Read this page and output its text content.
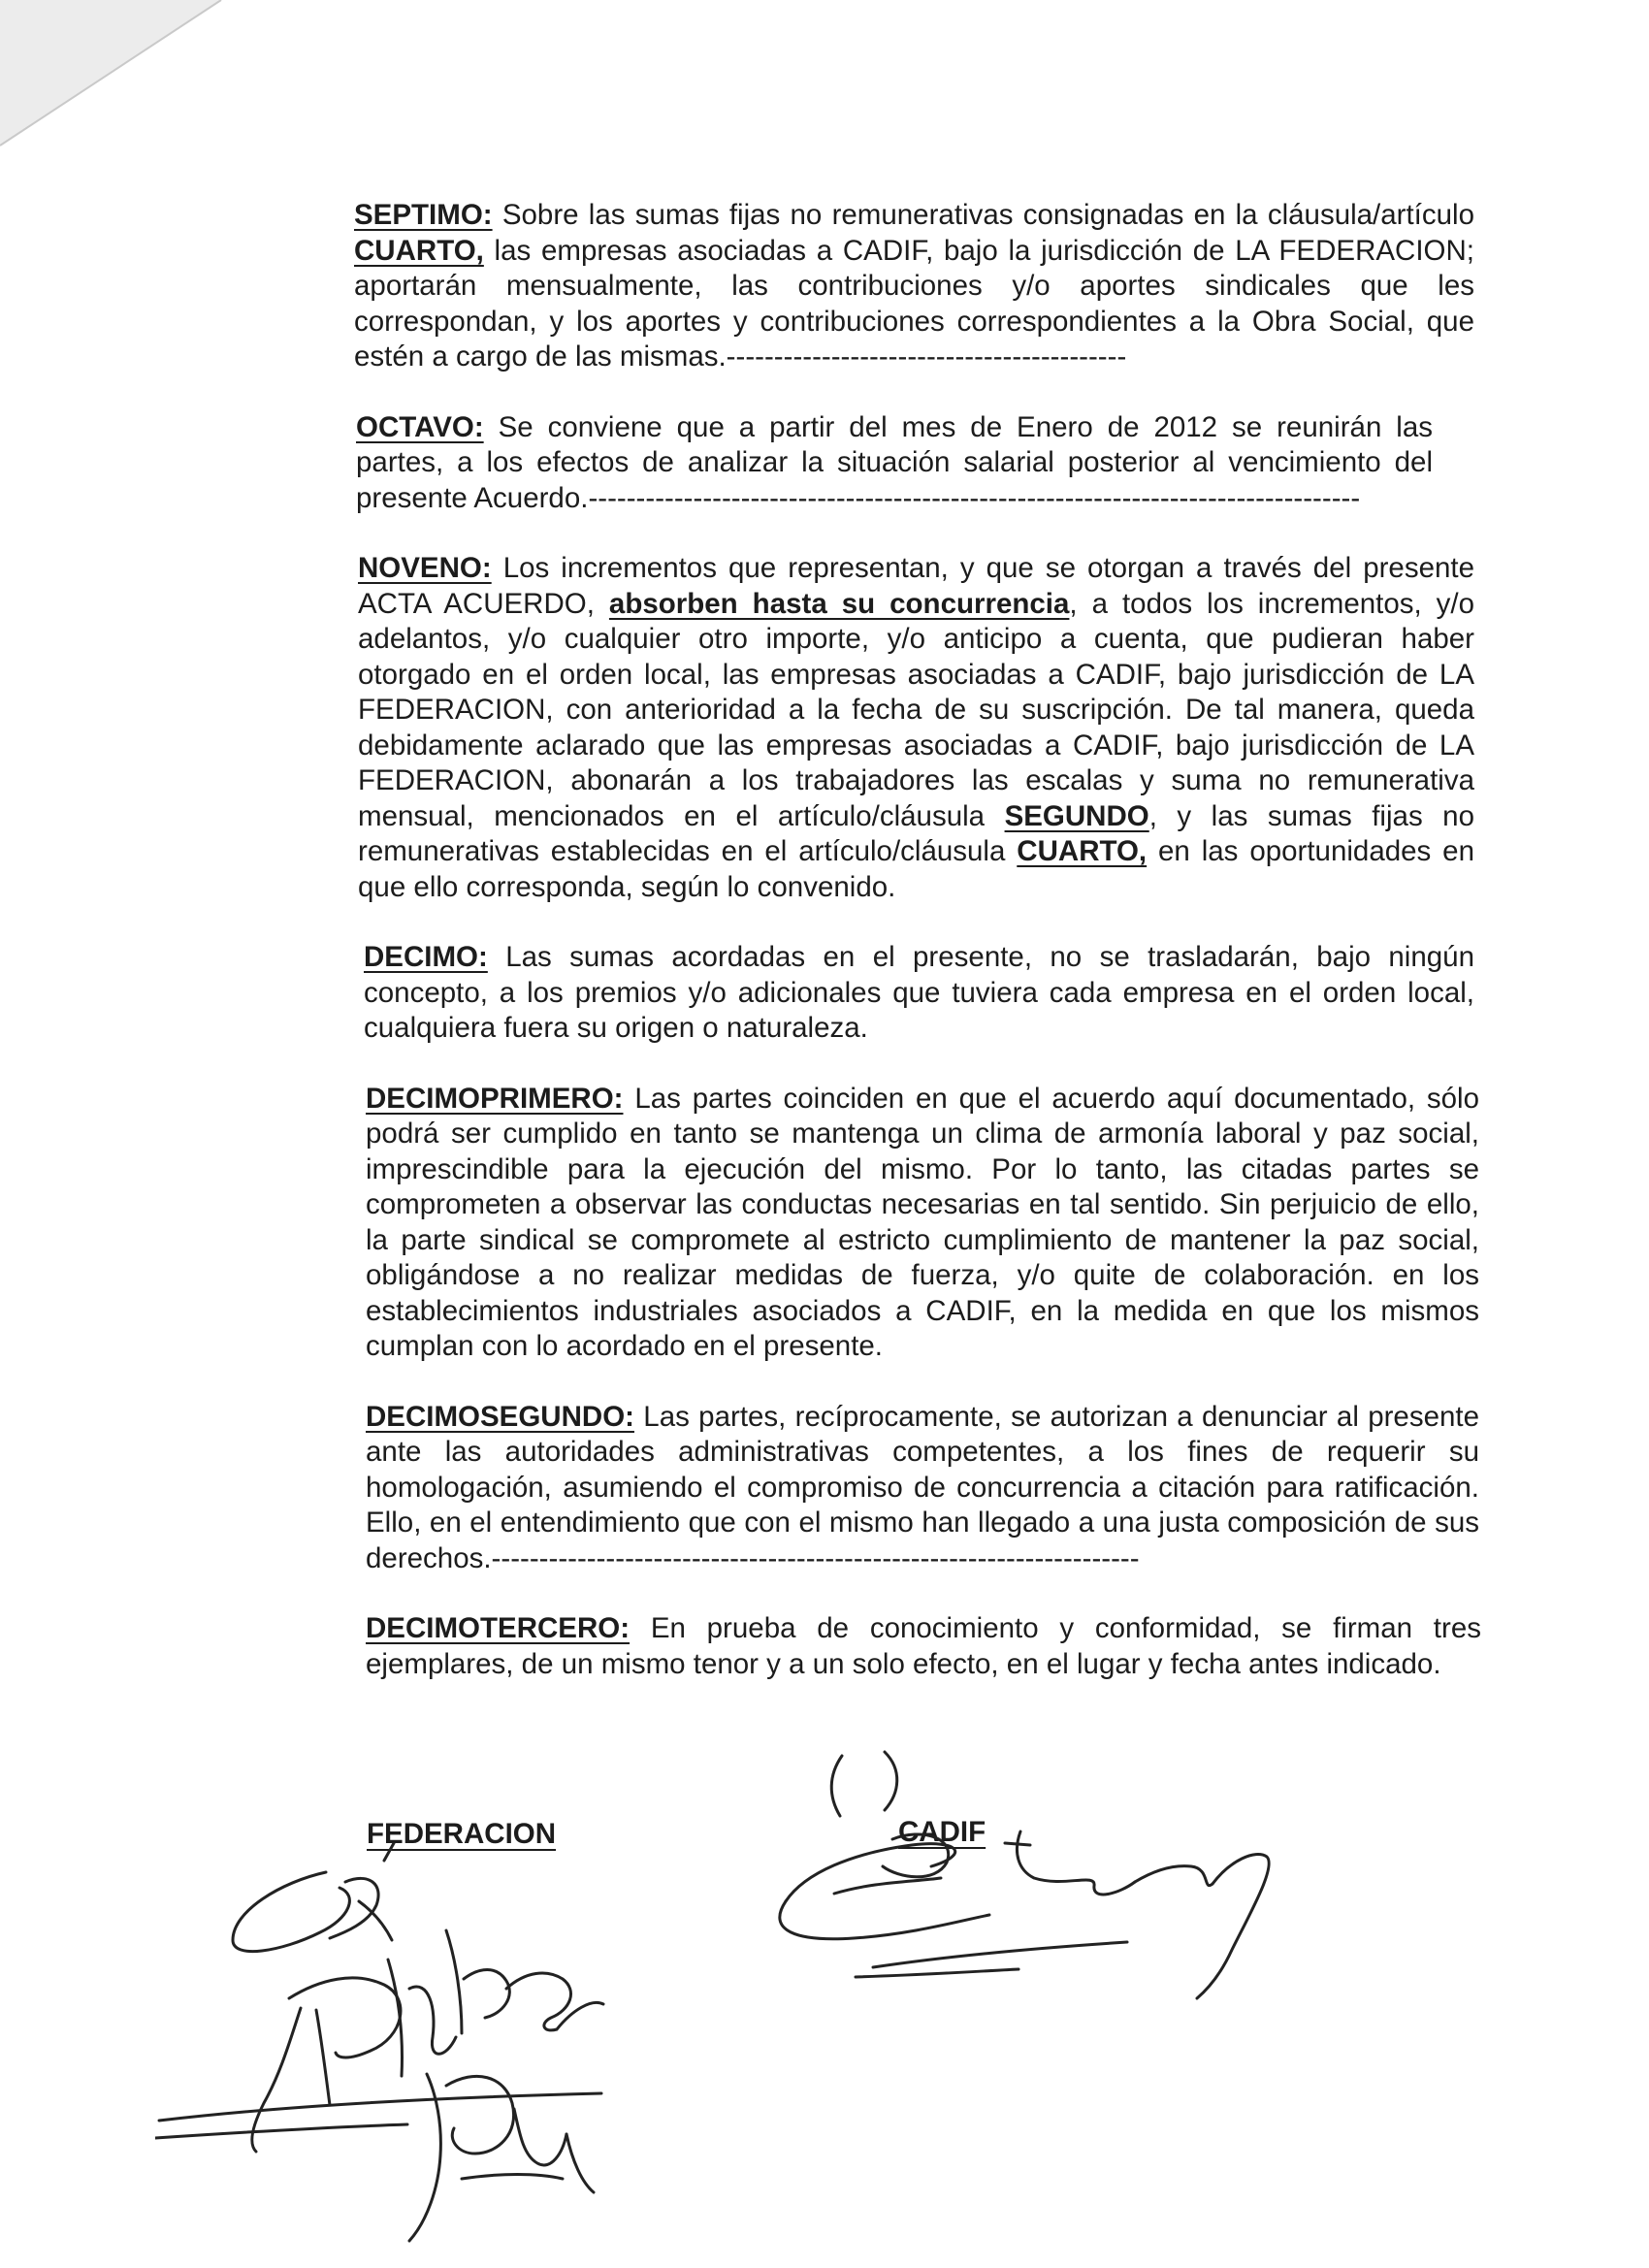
SEPTIMO: Sobre las sumas fijas no remunerativas consignadas en la cláusula/artículo CUARTO, las empresas asociadas a CADIF, bajo la jurisdicción de LA FEDERACION; aportarán mensualmente, las contribuciones y/o aportes sindicales que les correspondan, y los aportes y contribuciones correspondientes a la Obra Social, que estén a cargo de las mismas.------------------------------------------

OCTAVO: Se conviene que a partir del mes de Enero de 2012 se reunirán las partes, a los efectos de analizar la situación salarial posterior al vencimiento del presente Acuerdo.---------------------------------------------------------------------------------

NOVENO: Los incrementos que representan, y que se otorgan a través del presente ACTA ACUERDO, absorben hasta su concurrencia, a todos los incrementos, y/o adelantos, y/o cualquier otro importe, y/o anticipo a cuenta, que pudieran haber otorgado en el orden local, las empresas asociadas a CADIF, bajo jurisdicción de LA FEDERACION, con anterioridad a la fecha de su suscripción. De tal manera, queda debidamente aclarado que las empresas asociadas a CADIF, bajo jurisdicción de LA FEDERACION, abonarán a los trabajadores las escalas y suma no remunerativa mensual, mencionados en el artículo/cláusula SEGUNDO, y las sumas fijas no remunerativas establecidas en el artículo/cláusula CUARTO, en las oportunidades en que ello corresponda, según lo convenido.

DECIMO: Las sumas acordadas en el presente, no se trasladarán, bajo ningún concepto, a los premios y/o adicionales que tuviera cada empresa en el orden local, cualquiera fuera su origen o naturaleza.

DECIMOPRIMERO: Las partes coinciden en que el acuerdo aquí documentado, sólo podrá ser cumplido en tanto se mantenga un clima de armonía laboral y paz social, imprescindible para la ejecución del mismo. Por lo tanto, las citadas partes se comprometen a observar las conductas necesarias en tal sentido. Sin perjuicio de ello, la parte sindical se compromete al estricto cumplimiento de mantener la paz social, obligándose a no realizar medidas de fuerza, y/o quite de colaboración. en los establecimientos industriales asociados a CADIF, en la medida en que los mismos cumplan con lo acordado en el presente.

DECIMOSEGUNDO: Las partes, recíprocamente, se autorizan a denunciar al presente ante las autoridades administrativas competentes, a los fines de requerir su homologación, asumiendo el compromiso de concurrencia a citación para ratificación. Ello, en el entendimiento que con el mismo han llegado a una justa composición de sus derechos.--------------------------------------------------------------------

DECIMOTERCERO: En prueba de conocimiento y conformidad, se firman tres ejemplares, de un mismo tenor y a un solo efecto, en el lugar y fecha antes indicado.

FEDERACION	CADIF
